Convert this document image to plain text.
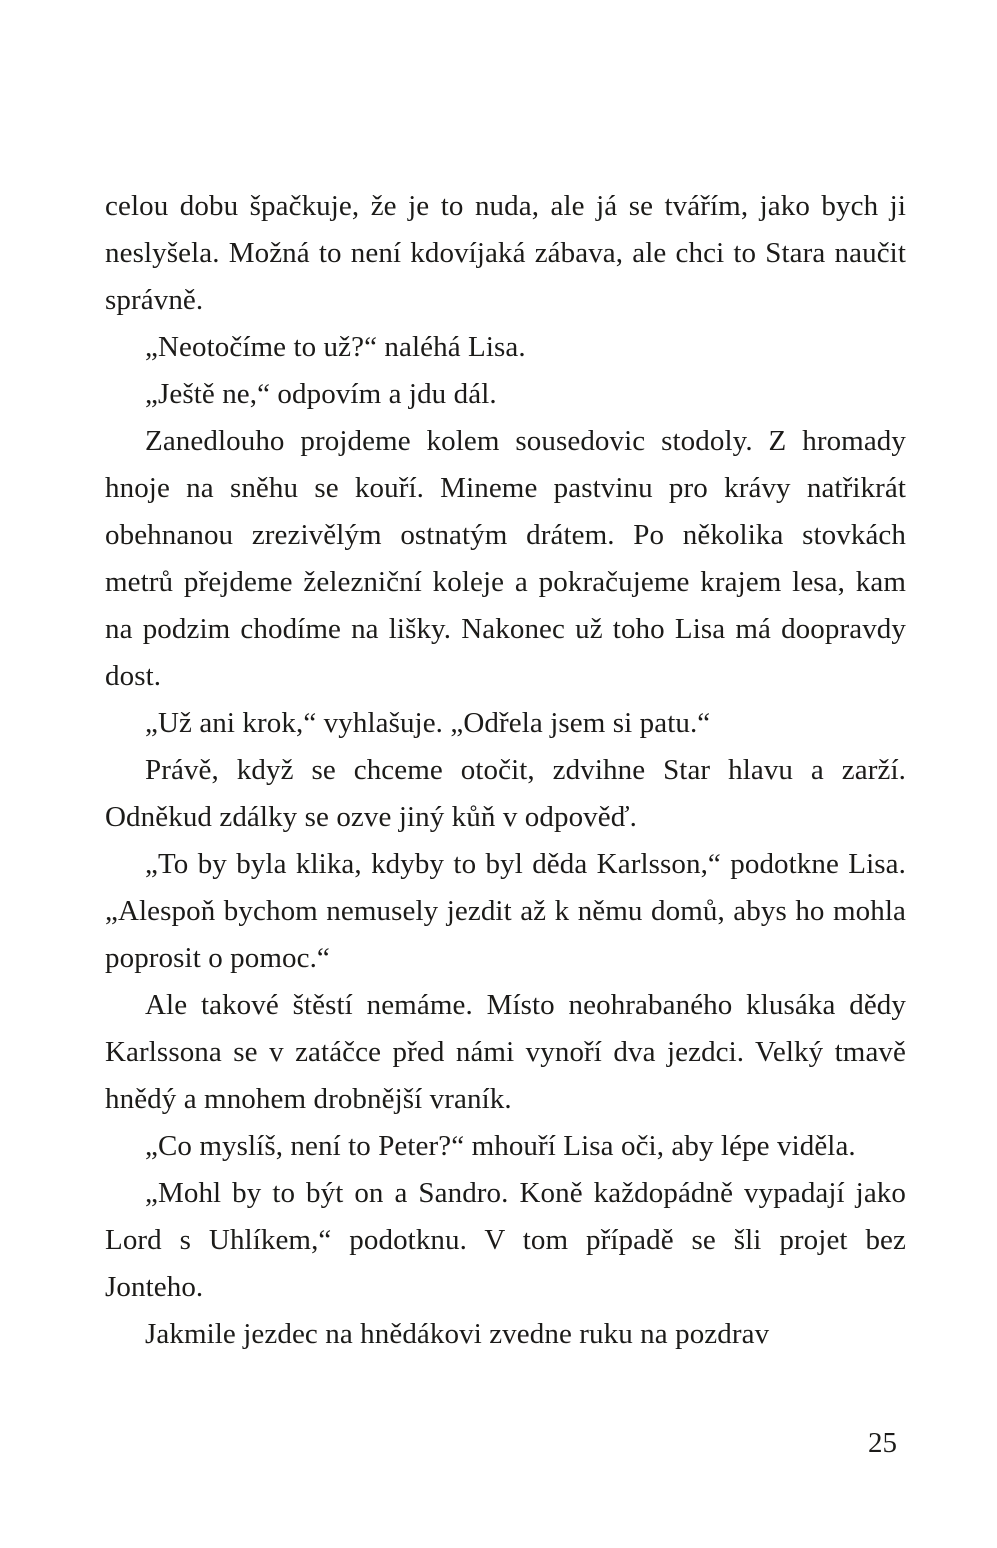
celou dobu špačkuje, že je to nuda, ale já se tvářím, jako bych ji neslyšela. Možná to není kdovíjaká zábava, ale chci to Stara naučit správně.

„Neotočíme to už?“ naléhá Lisa.

„Ještě ne,“ odpovím a jdu dál.

Zanedlouho projdeme kolem sousedovic stodoly. Z hromady hnoje na sněhu se kouří. Mineme pastvinu pro krávy natřikrát obehnanou zrezivělým ostnatým drátem. Po několika stovkách metrů přejdeme železniční koleje a pokračujeme krajem lesa, kam na podzim chodíme na lišky. Nakonec už toho Lisa má doopravdy dost.

„Už ani krok,“ vyhlašuje. „Odřela jsem si patu.“

Právě, když se chceme otočit, zdvihne Star hlavu a zarží. Odněkud zdálky se ozve jiný kůň v odpověď.

„To by byla klika, kdyby to byl děda Karlsson,“ podotkne Lisa. „Alespoň bychom nemusely jezdit až k němu domů, abys ho mohla poprosit o pomoc.“

Ale takové štěstí nemáme. Místo neohrabaného klusáka dědy Karlssona se v zatáčce před námi vynoří dva jezdci. Velký tmavě hnědý a mnohem drobnější vraník.

„Co myslíš, není to Peter?“ mhouří Lisa oči, aby lépe viděla.

„Mohl by to být on a Sandro. Koně každopádně vypadají jako Lord s Uhlíkem,“ podotknu. V tom případě se šli projet bez Jonteho.

Jakmile jezdec na hnědákovi zvedne ruku na pozdrav

25
